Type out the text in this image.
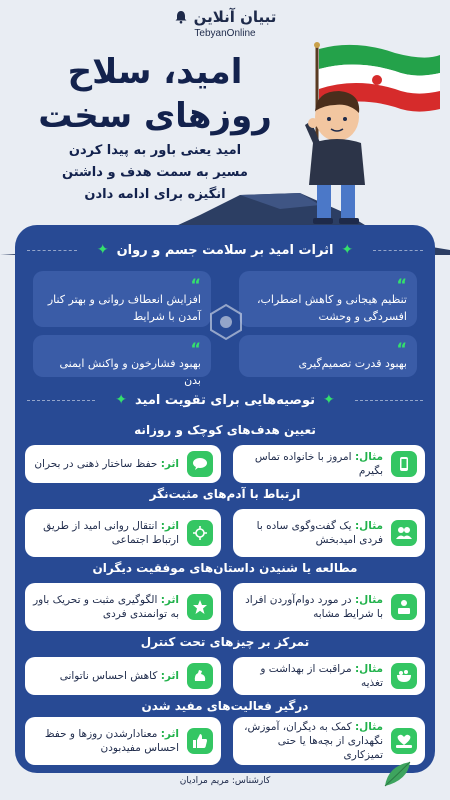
تبیان آنلاین
TebyanOnline
امید، سلاح
روزهای سخت
امید یعنی باور به پیدا کردن
مسیر به سمت هدف و داشتن
انگیزه برای ادامه دادن
✦
اثرات امید بر سلامت جسم و روان
✦
“
تنظیم هیجانی و کاهش اضطراب، افسردگی و وحشت
“
افزایش انعطاف روانی و بهتر کنار آمدن با شرایط
“
بهبود قدرت تصمیم‌گیری
“
بهبود فشارخون و واکنش ایمنی بدن
✦
توصیه‌هایی برای تقویت امید
✦
تعیین هدف‌های کوچک و روزانه
مثال: امروز با خانواده تماس بگیرم
اثر: حفظ ساختار ذهنی در بحران
ارتباط با آدم‌های مثبت‌نگر
مثال: یک گفت‌وگوی ساده با فردی امیدبخش
اثر: انتقال روانی امید از طریق ارتباط اجتماعی
مطالعه یا شنیدن داستان‌های موفقیت دیگران
مثال: در مورد دوام‌آوردن افراد با شرایط مشابه
اثر: الگوگیری مثبت و تحریک باور به توانمندی فردی
تمرکز بر چیزهای تحت کنترل
مثال: مراقبت از بهداشت و تغذیه
اثر: کاهش احساس ناتوانی
درگیر فعالیت‌های مفید شدن
مثال: کمک به دیگران، آموزش، نگهداری از بچه‌ها یا حتی تمیزکاری
اثر: معنادارشدن روزها و حفظ احساس مفیدبودن
کارشناس: مریم مرادیان
